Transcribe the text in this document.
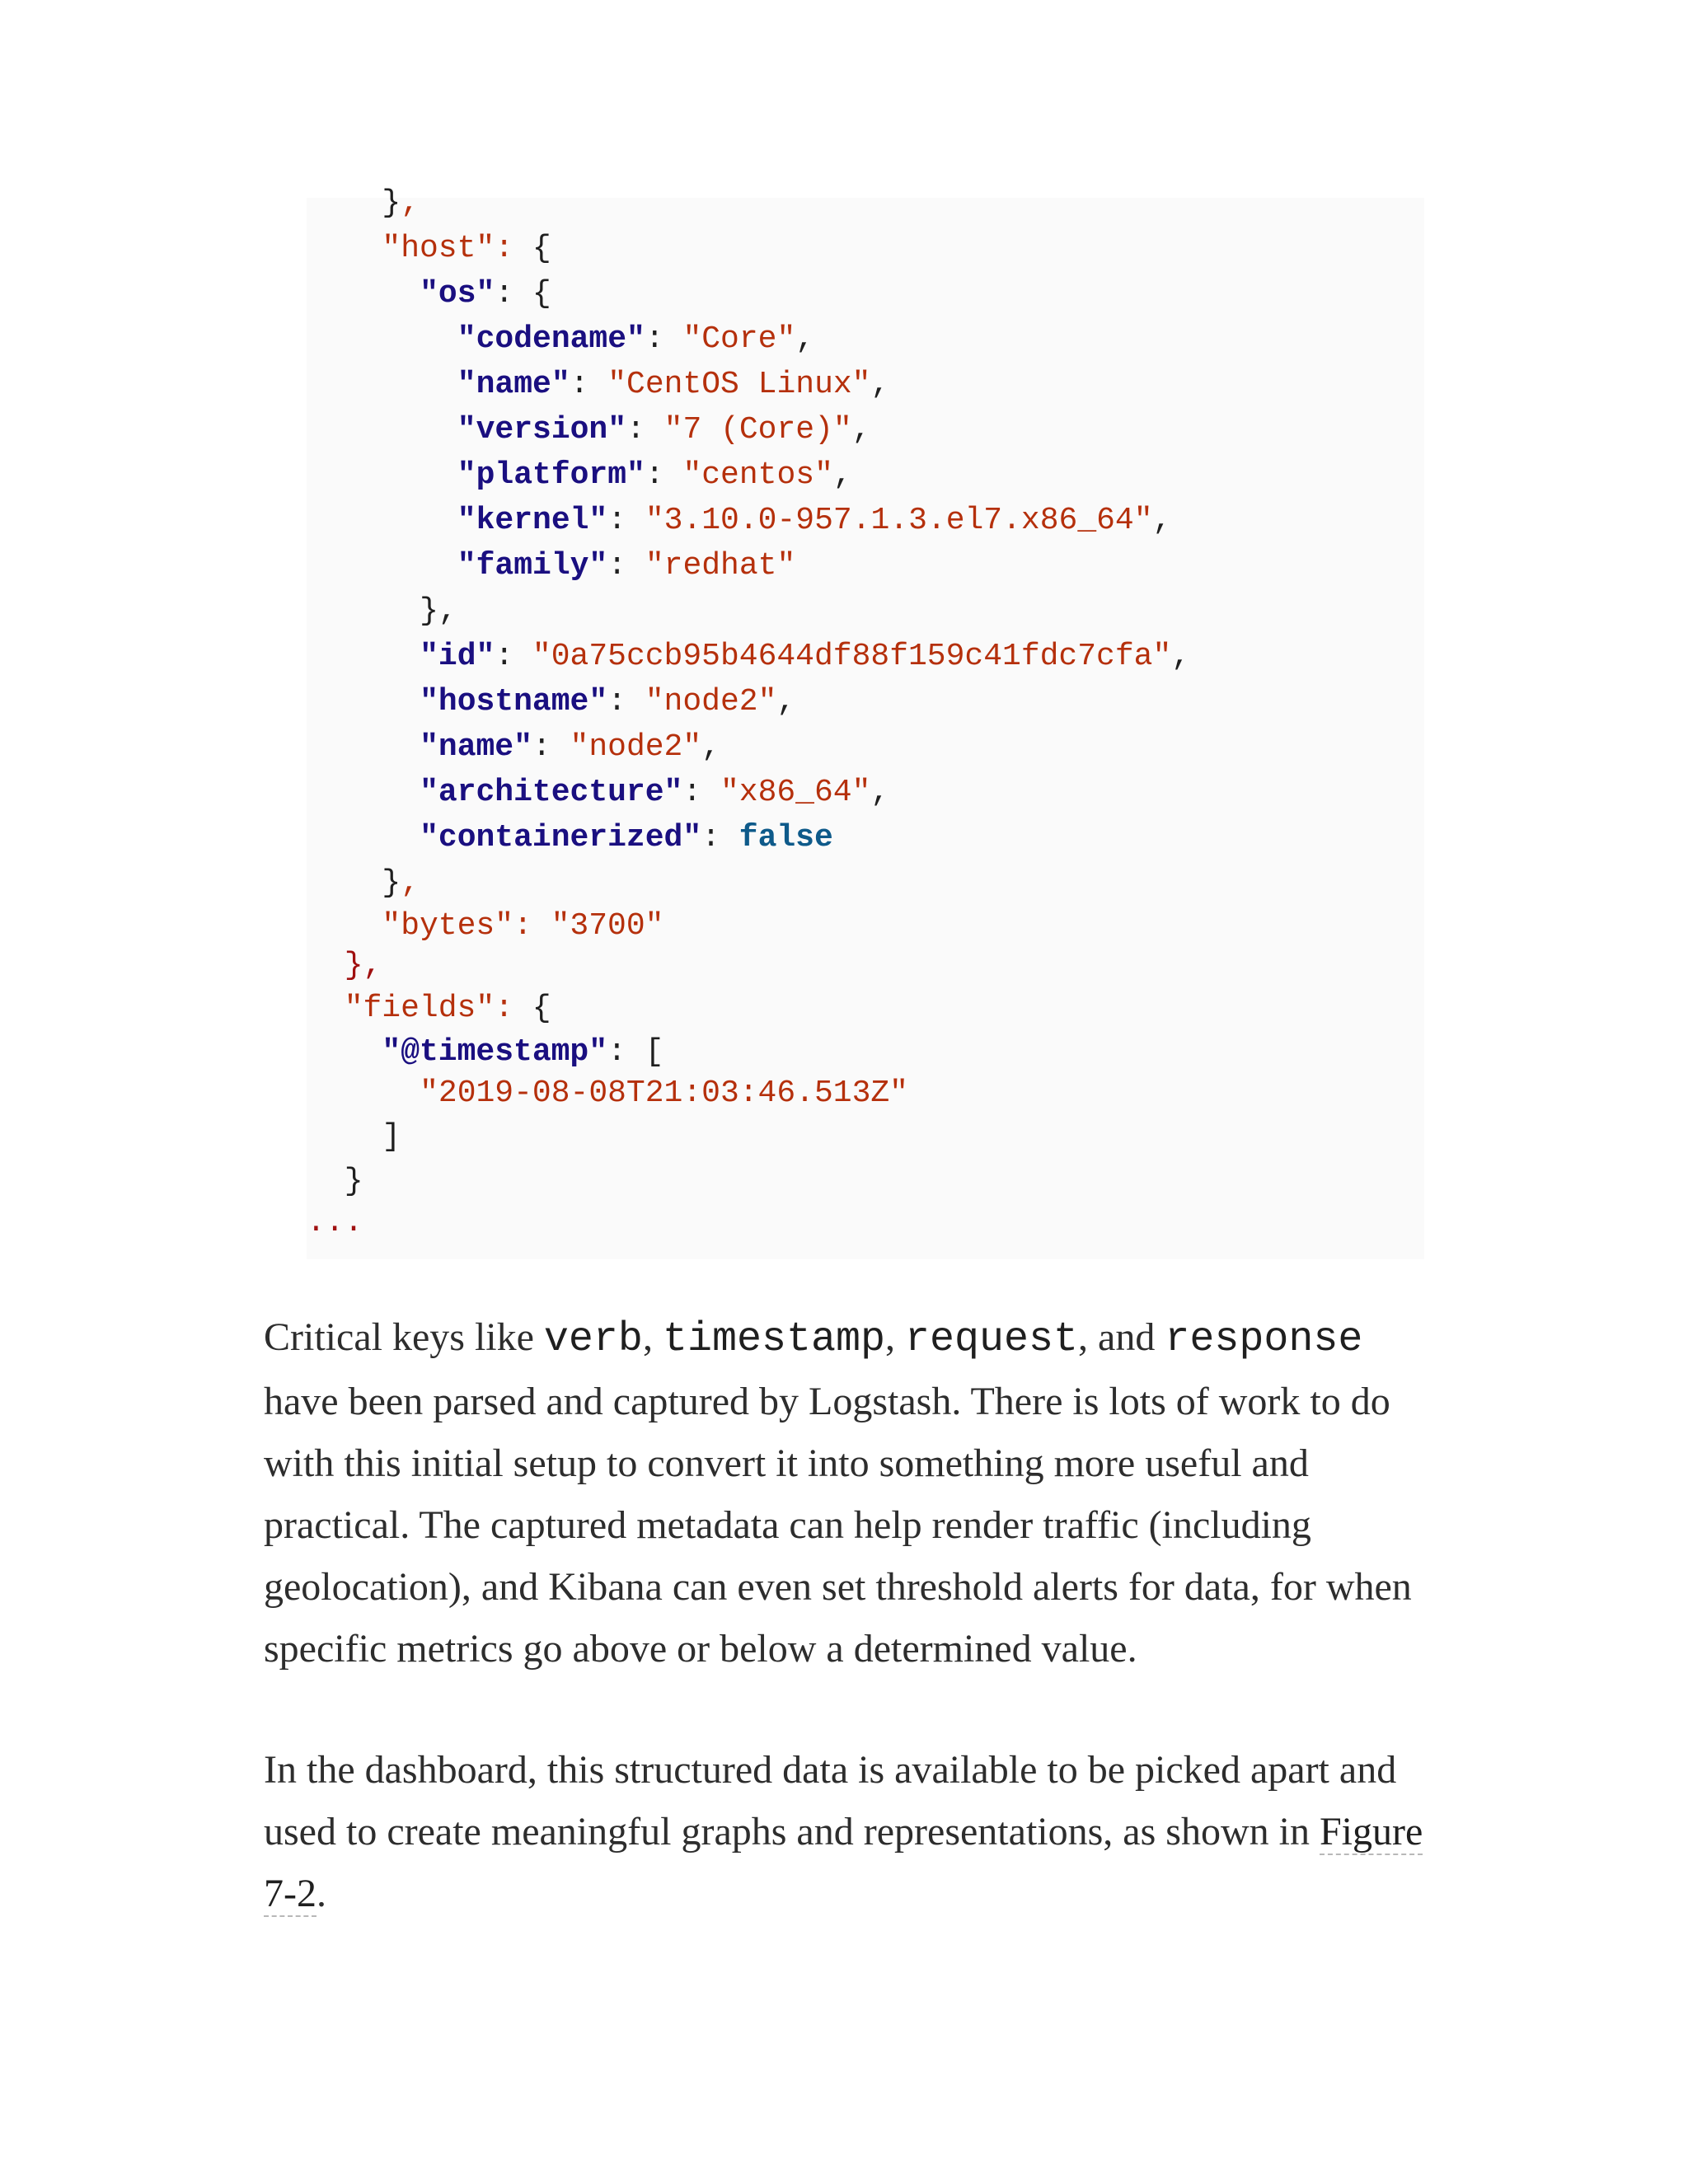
},
"host": {
"os": {
"codename": "Core",
"name": "CentOS Linux",
"version": "7 (Core)",
"platform": "centos",
"kernel": "3.10.0-957.1.3.el7.x86_64",
"family": "redhat"
},
"id": "0a75ccb95b4644df88f159c41fdc7cfa",
"hostname": "node2",
"name": "node2",
"architecture": "x86_64",
"containerized": false
},
"bytes": "3700"
},
"fields": {
"@timestamp": [
"2019-08-08T21:03:46.513Z"
]
}
...

Critical keys like verb, timestamp, request, and response have been parsed and captured by Logstash. There is lots of work to do with this initial setup to convert it into something more useful and practical. The captured metadata can help render traffic (including geolocation), and Kibana can even set threshold alerts for data, for when specific metrics go above or below a determined value.

In the dashboard, this structured data is available to be picked apart and used to create meaningful graphs and representations, as shown in Figure 7-2.
